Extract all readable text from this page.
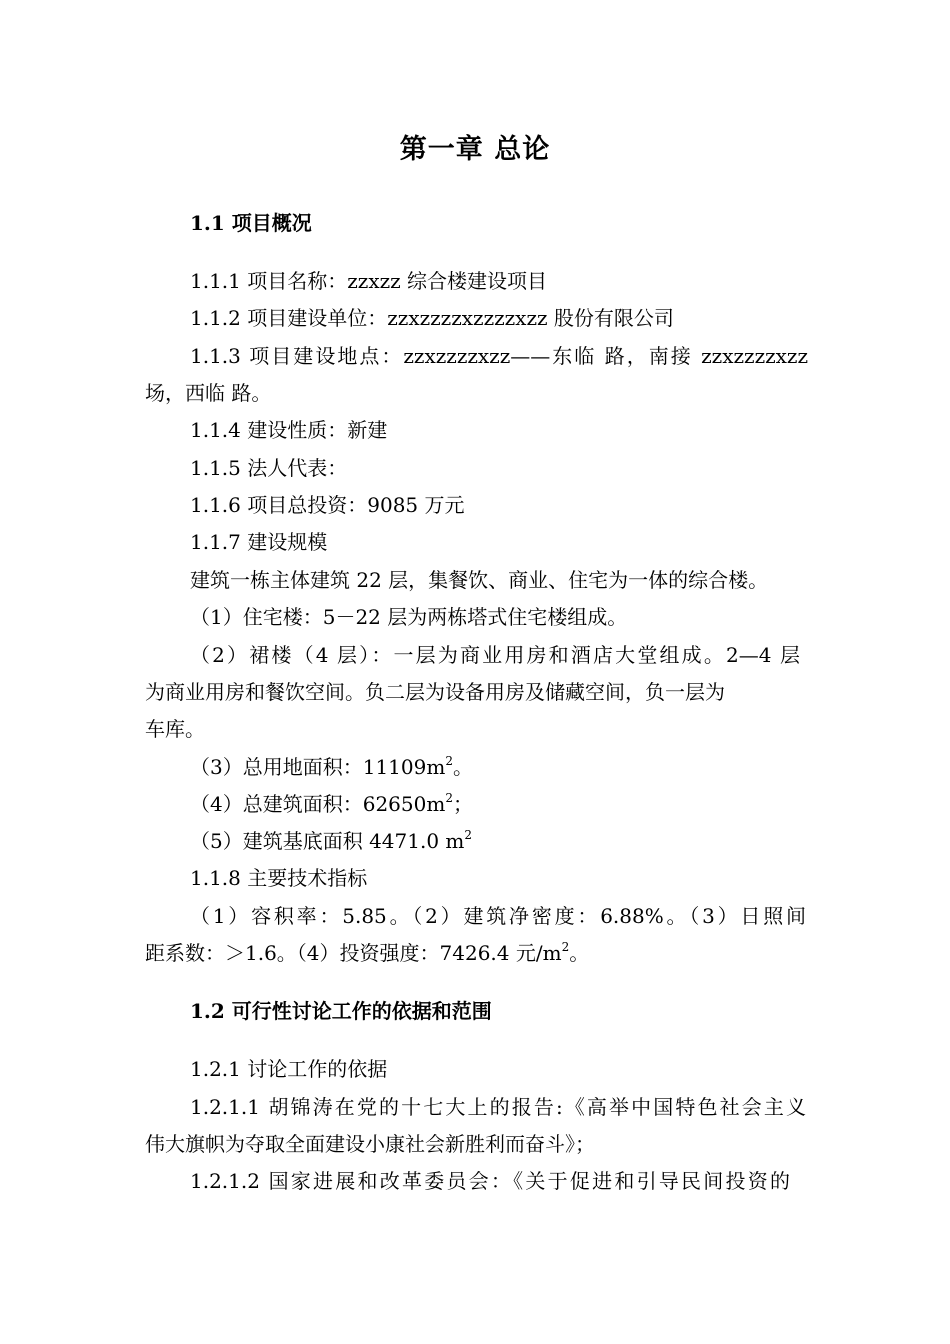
第一章 总论
1.1 项目概况
1.1.1 项目名称：zzxzz 综合楼建设项目
1.1.2 项目建设单位：zzxzzzzxzzzzxzz 股份有限公司
1.1.3 项目建设地点：zzxzzzzxzz——东临 路，南接 zzxzzzzxzz
场，西临 路。
1.1.4 建设性质：新建
1.1.5 法人代表：
1.1.6 项目总投资：9085 万元
1.1.7 建设规模
建筑一栋主体建筑 22 层，集餐饮、商业、住宅为一体的综合楼。
（1）住宅楼：5－22 层为两栋塔式住宅楼组成。
（2）裙楼（4 层）：一层为商业用房和酒店大堂组成。2—4 层
为商业用房和餐饮空间。负二层为设备用房及储藏空间，负一层为
车库。
（3）总用地面积：$11109m^2$。
（4）总建筑面积：$62650m^2$；
（5）建筑基底面积 4471.0 $m^2$
1.1.8 主要技术指标
（1）容积率：5.85。（2）建筑净密度：6.88%。（3）日照间
距系数：＞1.6。（4）投资强度：7426.4 元$/m^2$。
1.2 可行性讨论工作的依据和范围
1.2.1 讨论工作的依据
1.2.1.1 胡锦涛在党的十七大上的报告:《高举中国特色社会主义
伟大旗帜为夺取全面建设小康社会新胜利而奋斗》；
1.2.1.2 国家进展和改革委员会：《关于促进和引导民间投资的
